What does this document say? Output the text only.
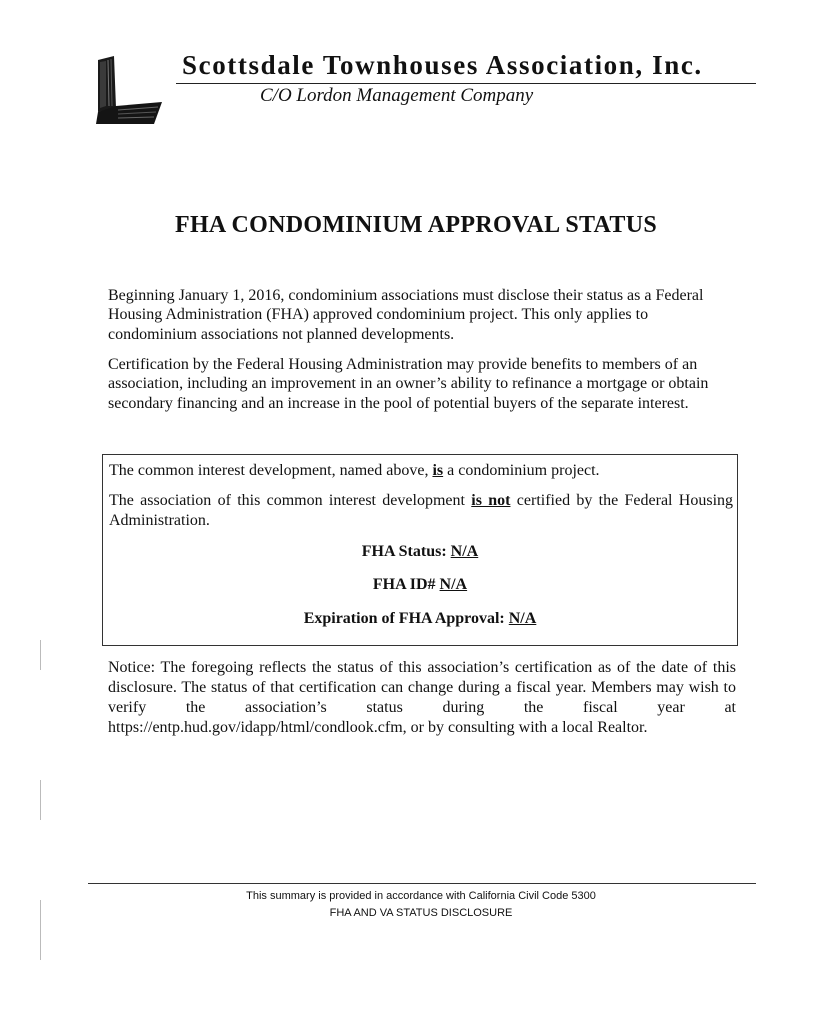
Scottsdale Townhouses Association, Inc.
C/O Lordon Management Company
FHA CONDOMINIUM APPROVAL STATUS
Beginning January 1, 2016, condominium associations must disclose their status as a Federal Housing Administration (FHA) approved condominium project. This only applies to condominium associations not planned developments.
Certification by the Federal Housing Administration may provide benefits to members of an association, including an improvement in an owner’s ability to refinance a mortgage or obtain secondary financing and an increase in the pool of potential buyers of the separate interest.
The common interest development, named above, is a condominium project.
The association of this common interest development is not certified by the Federal Housing Administration.
FHA Status: N/A
FHA ID# N/A
Expiration of FHA Approval: N/A
Notice: The foregoing reflects the status of this association’s certification as of the date of this disclosure. The status of that certification can change during a fiscal year. Members may wish to verify the association’s status during the fiscal year at https://entp.hud.gov/idapp/html/condlook.cfm, or by consulting with a local Realtor.
This summary is provided in accordance with California Civil Code 5300
FHA AND VA STATUS DISCLOSURE
